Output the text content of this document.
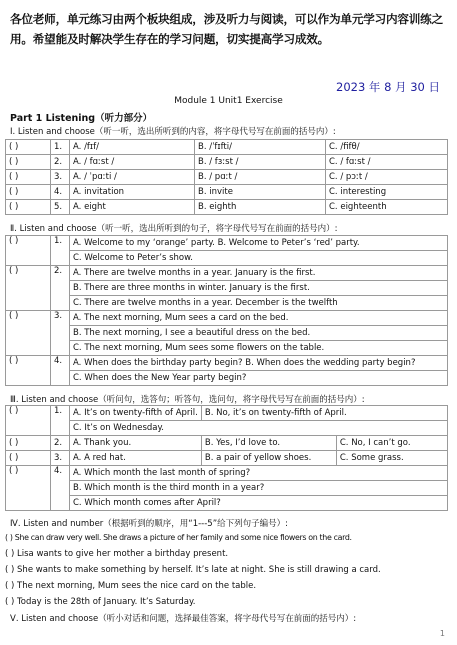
各位老师，单元练习由两个板块组成，涉及听力与阅读，可以作为单元学习内容训练之用。希望能及时解决学生存在的学习问题，切实提高学习成效。
2023 年 8 月 30 日
Module 1 Unit1 Exercise
Part 1 Listening（听力部分）
Ⅰ. Listen and choose（听一听，选出所听到的内容，将字母代号写在前面的括号内）:
( )	1.	A. /fɪf/	B. /ˈfɪfti/	C. /fifθ/
( )	2.	A. / fɑːst /	B. / fɜːst /	C. / fɑːst /
( )	3.	A. / ˈpɑːti /	B. / pɑːt /	C. / pɔːt /
( )	4.	A. invitation	B. invite	C. interesting
( )	5.	A. eight	B. eighth	C. eighteenth
Ⅱ. Listen and choose（听一听，选出所听到的句子，将字母代号写在前面的括号内）:
( )	1.	A. Welcome to my ‘orange’ party. B. Welcome to Peter’s ‘red’ party.
		C. Welcome to Peter’s show.
( )	2.	A. There are twelve months in a year. January is the first.
		B. There are three months in winter. January is the first.
		C. There are twelve months in a year. December is the twelfth
( )	3.	A. The next morning, Mum sees a card on the bed.
		B. The next morning, I see a beautiful dress on the bed.
		C. The next morning, Mum sees some flowers on the table.
( )	4.	A. When does the birthday party begin? B. When does the wedding party begin?
		C. When does the New Year party begin?
Ⅲ. Listen and choose（听问句，选答句；听答句，选问句，将字母代号写在前面的括号内）:
( )	1.	A. It’s on twenty-fifth of April.	B. No, it’s on twenty-fifth of April.	
		C. It’s on Wednesday.		
( )	2.	A. Thank you.	B. Yes, I’d love to.	C. No, I can’t go.
( )	3.	A. A red hat.	B. a pair of yellow shoes.	C. Some grass.
( )	4.	A. Which month the last month of spring?		
		B. Which month is the third month in a year?		
		C. Which month comes after April?		
Ⅳ. Listen and number（根据听到的顺序，用“1---5”给下列句子编号）:
( ) She can draw very well. She draws a picture of her family and some nice flowers on the card.
( ) Lisa wants to give her mother a birthday present.
( ) She wants to make something by herself. It’s late at night. She is still drawing a card.
( ) The next morning, Mum sees the nice card on the table.
( ) Today is the 28th of January. It’s Saturday.
Ⅴ. Listen and choose（听小对话和问题，选择最佳答案，将字母代号写在前面的括号内）:
1
